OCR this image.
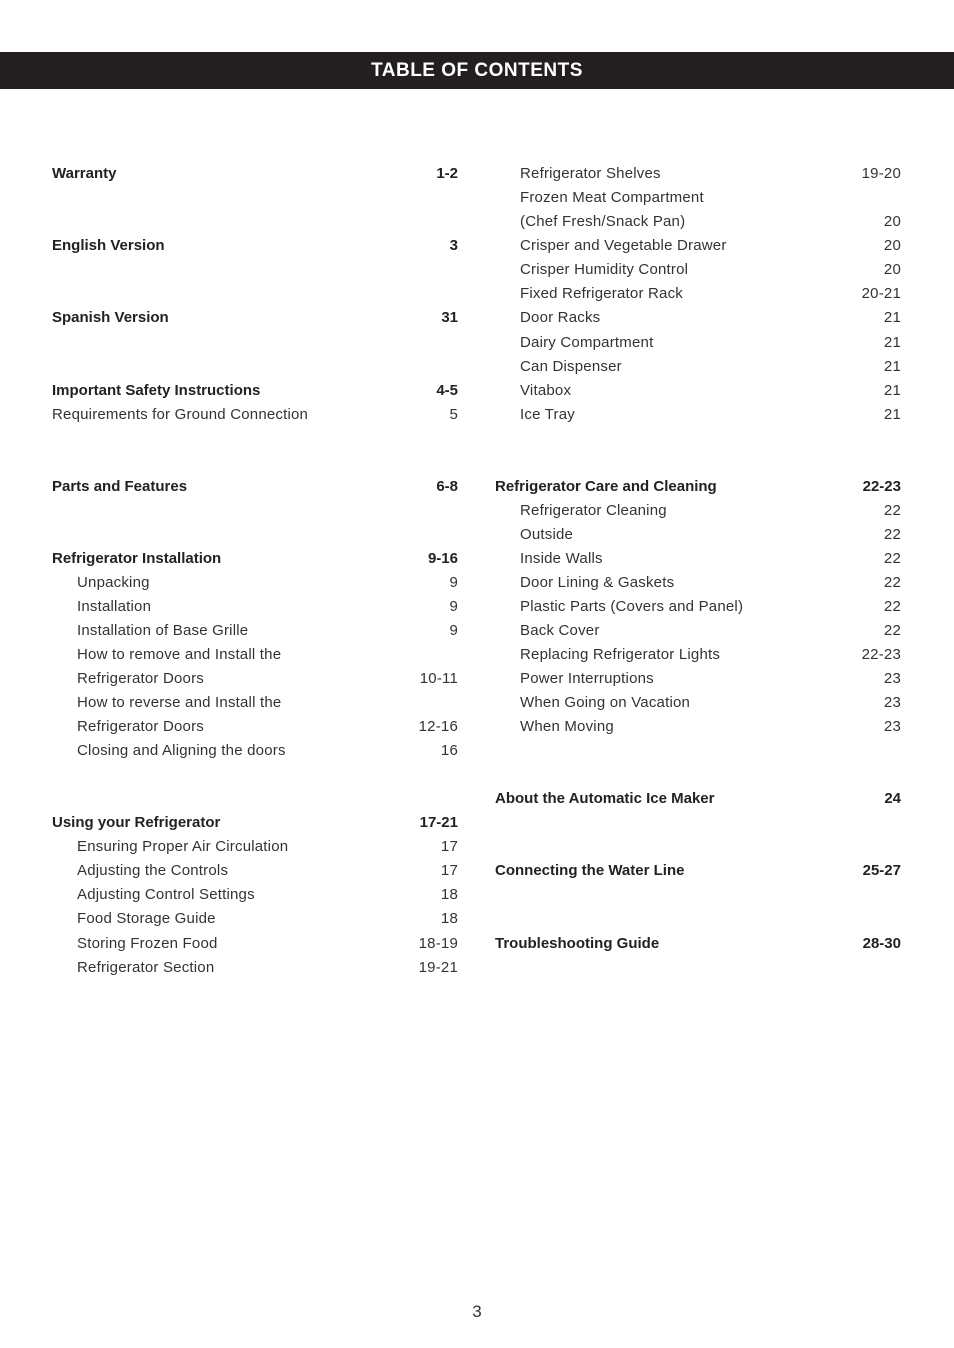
TABLE OF CONTENTS
Warranty	1-2
English Version	3
Spanish Version	31
Important Safety Instructions	4-5
Requirements for Ground Connection	5
Parts and Features	6-8
Refrigerator Installation	9-16
Unpacking	9
Installation	9
Installation of Base Grille	9
How to remove and Install the
Refrigerator Doors	10-11
How to reverse and Install the
Refrigerator Doors	12-16
Closing and Aligning the doors	16
Using your Refrigerator	17-21
Ensuring Proper Air Circulation	17
Adjusting the Controls	17
Adjusting Control Settings	18
Food Storage Guide	18
Storing Frozen Food	18-19
Refrigerator Section	19-21
Refrigerator Shelves	19-20
Frozen Meat Compartment
(Chef Fresh/Snack Pan)	20
Crisper and Vegetable Drawer	20
Crisper Humidity Control	20
Fixed Refrigerator Rack	20-21
Door Racks	21
Dairy Compartment	21
Can Dispenser	21
Vitabox	21
Ice Tray	21
Refrigerator Care and Cleaning	22-23
Refrigerator Cleaning	22
Outside	22
Inside Walls	22
Door Lining & Gaskets	22
Plastic Parts (Covers and Panel)	22
Back Cover	22
Replacing Refrigerator Lights	22-23
Power Interruptions	23
When Going on Vacation	23
When Moving	23
About the Automatic Ice Maker	24
Connecting the Water Line	25-27
Troubleshooting Guide	28-30
3
